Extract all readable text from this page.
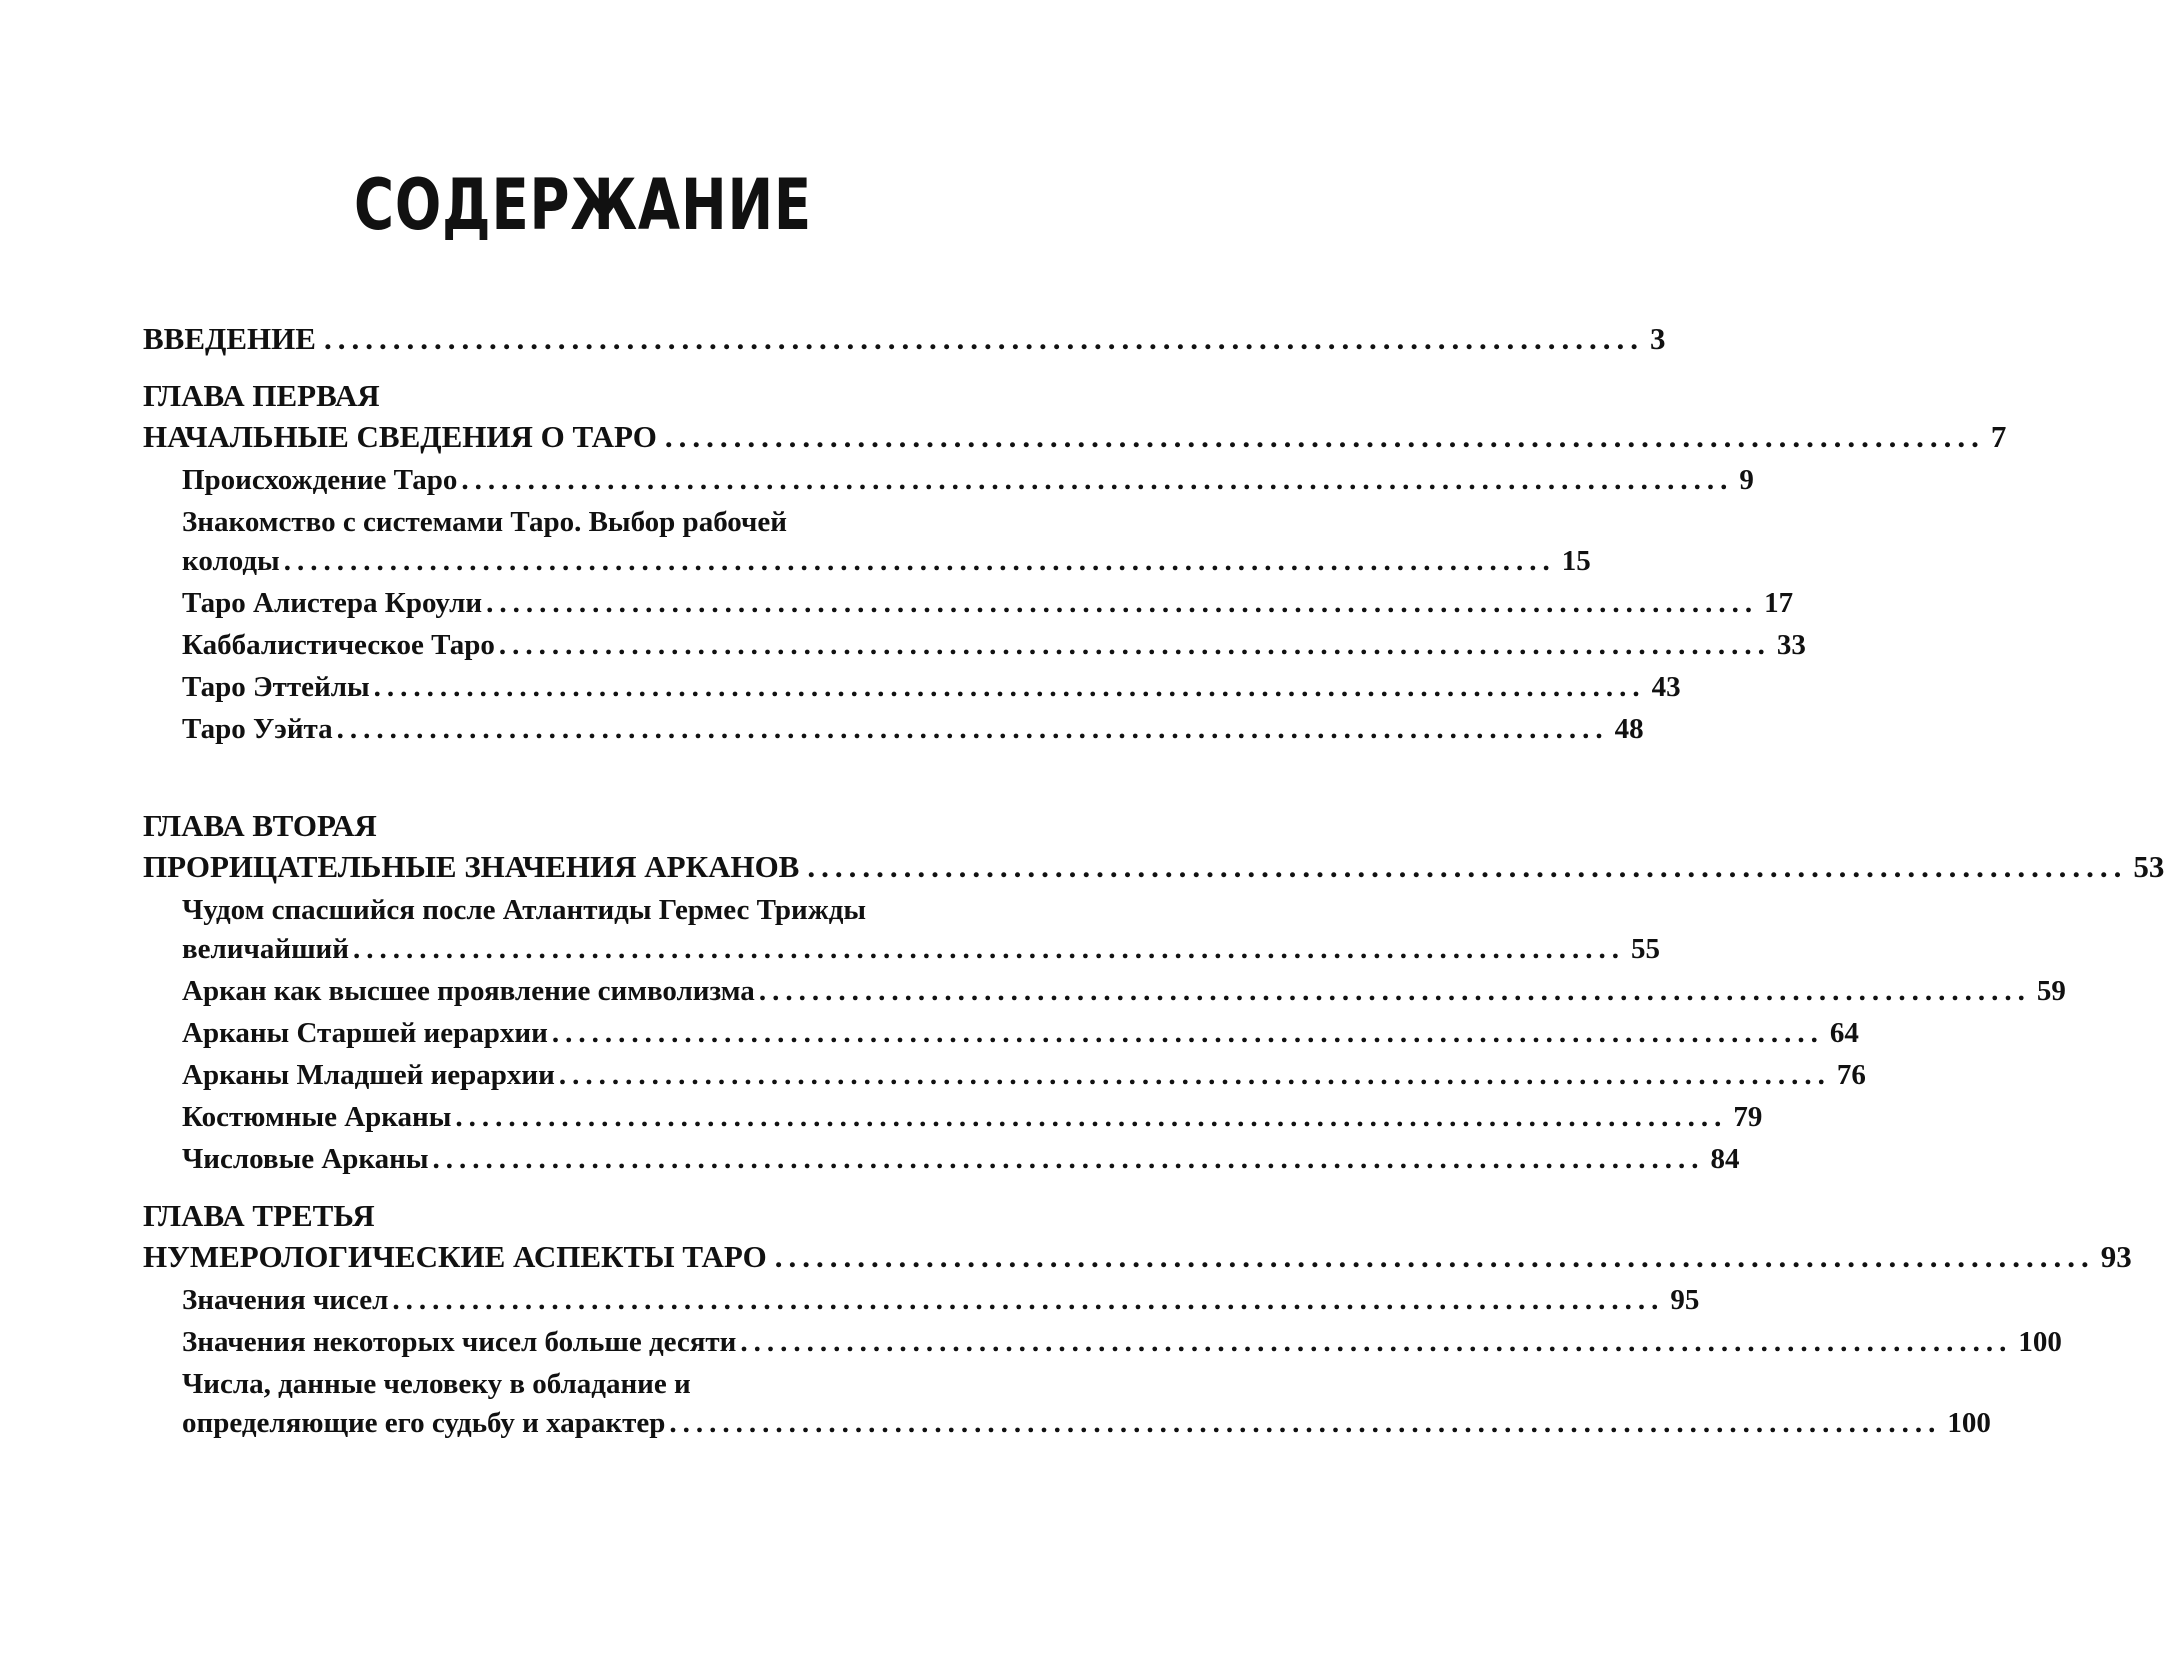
СОДЕРЖАНИЕ
ВВЕДЕНИЕ ................................................................................................ 3
ГЛАВА ПЕРВАЯ
НАЧАЛЬНЫЕ СВЕДЕНИЯ О ТАРО ................................................................................................ 7
Происхождение Таро ................................................................................................ 9
Знакомство с системами Таро. Выбор рабочей
колоды ................................................................................................ 15
Таро Алистера Кроули ................................................................................................ 17
Каббалистическое Таро ................................................................................................ 33
Таро Эттейлы ................................................................................................ 43
Таро Уэйта ................................................................................................ 48
ГЛАВА ВТОРАЯ
ПРОРИЦАТЕЛЬНЫЕ ЗНАЧЕНИЯ АРКАНОВ ................................................................................................ 53
Чудом спасшийся после Атлантиды Гермес Трижды
величайший ................................................................................................ 55
Аркан как высшее проявление символизма ................................................................................................ 59
Арканы Старшей иерархии ................................................................................................ 64
Арканы Младшей иерархии ................................................................................................ 76
Костюмные Арканы ................................................................................................ 79
Числовые Арканы ................................................................................................ 84
ГЛАВА ТРЕТЬЯ
НУМЕРОЛОГИЧЕСКИЕ АСПЕКТЫ ТАРО ................................................................................................ 93
Значения чисел ................................................................................................ 95
Значения некоторых чисел больше десяти ................................................................................................ 100
Числа, данные человеку в обладание и
определяющие его судьбу и характер ................................................................................................ 100
